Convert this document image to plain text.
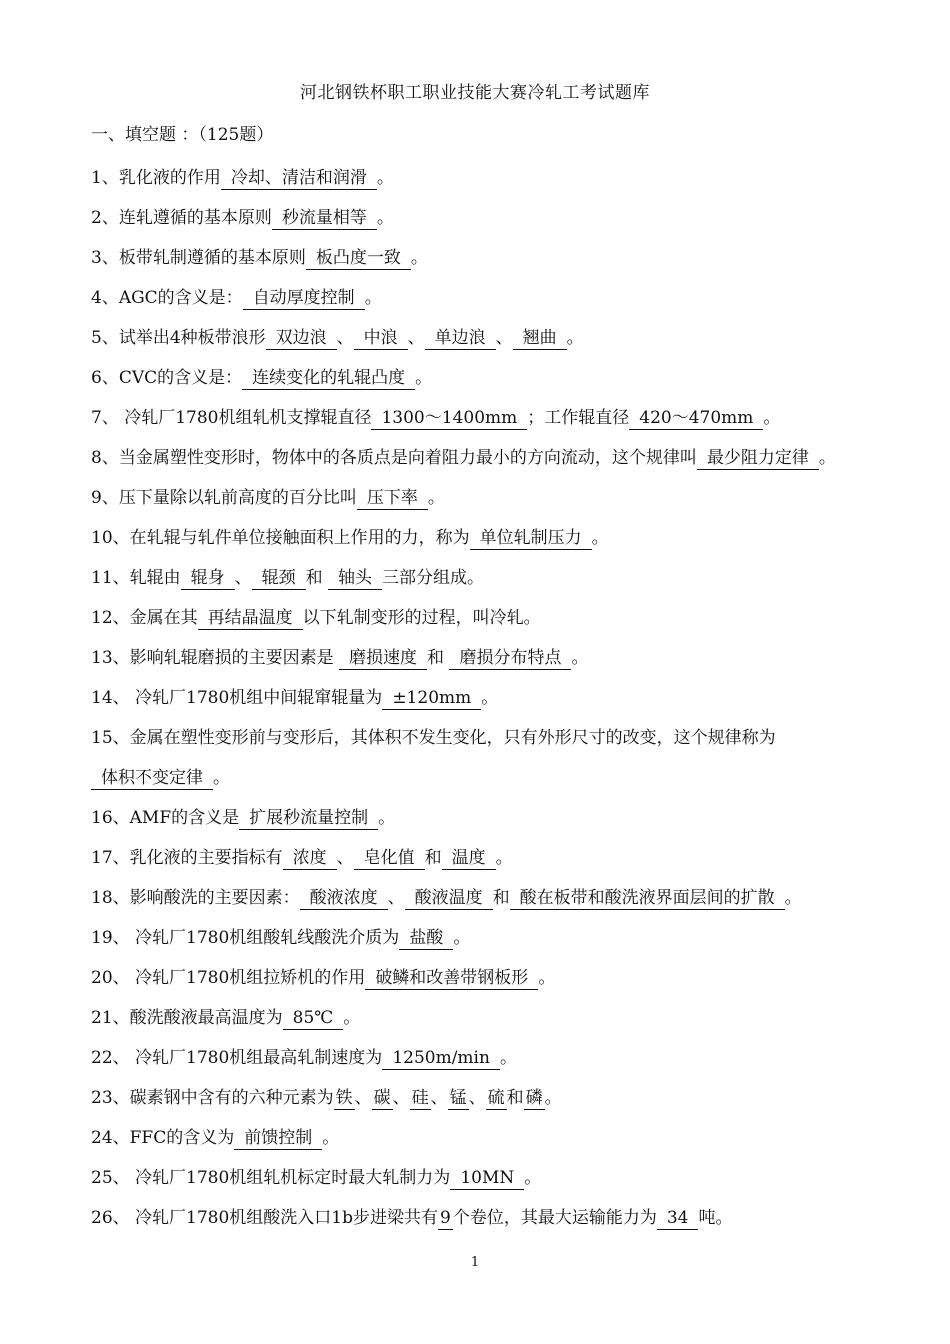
河北钢铁杯职工职业技能大赛冷轧工考试题库
一、填空题 ：（125题）
1、乳化液的作用 冷却、清洁和润滑 。
2、连轧遵循的基本原则 秒流量相等 。
3、板带轧制遵循的基本原则 板凸度一致 。
4、AGC的含义是： 自动厚度控制 。
5、试举出4种板带浪形 双边浪 、 中浪 、 单边浪 、 翘曲 。
6、CVC的含义是： 连续变化的轧辊凸度 。
7、 冷轧厂1780机组轧机支撑辊直径 1300～1400mm ；工作辊直径 420～470mm 。
8、当金属塑性变形时，物体中的各质点是向着阻力最小的方向流动，这个规律叫 最少阻力定律 。
9、压下量除以轧前高度的百分比叫 压下率 。
10、在轧辊与轧件单位接触面积上作用的力，称为 单位轧制压力 。
11、轧辊由 辊身 、 辊颈 和 轴头 三部分组成。
12、金属在其 再结晶温度 以下轧制变形的过程，叫冷轧。
13、影响轧辊磨损的主要因素是 磨损速度 和 磨损分布特点 。
14、 冷轧厂1780机组中间辊窜辊量为 ±120mm 。
15、金属在塑性变形前与变形后，其体积不发生变化，只有外形尺寸的改变，这个规律称为体积不变定律 。
16、AMF的含义是 扩展秒流量控制 。
17、乳化液的主要指标有 浓度 、 皂化值 和 温度 。
18、影响酸洗的主要因素： 酸液浓度 、 酸液温度 和 酸在板带和酸洗液界面层间的扩散 。
19、 冷轧厂1780机组酸轧线酸洗介质为 盐酸 。
20、 冷轧厂1780机组拉矫机的作用 破鳞和改善带钢板形 。
21、酸洗酸液最高温度为 85℃ 。
22、 冷轧厂1780机组最高轧制速度为 1250m/min 。
23、碳素钢中含有的六种元素为 铁 、 碳 、 硅 、 锰 、 硫 和 磷 。
24、FFC的含义为 前馈控制 。
25、 冷轧厂1780机组轧机标定时最大轧制力为 10MN 。
26、 冷轧厂1780机组酸洗入口1b步进梁共有 9 个卷位，其最大运输能力为 34 吨。
1
